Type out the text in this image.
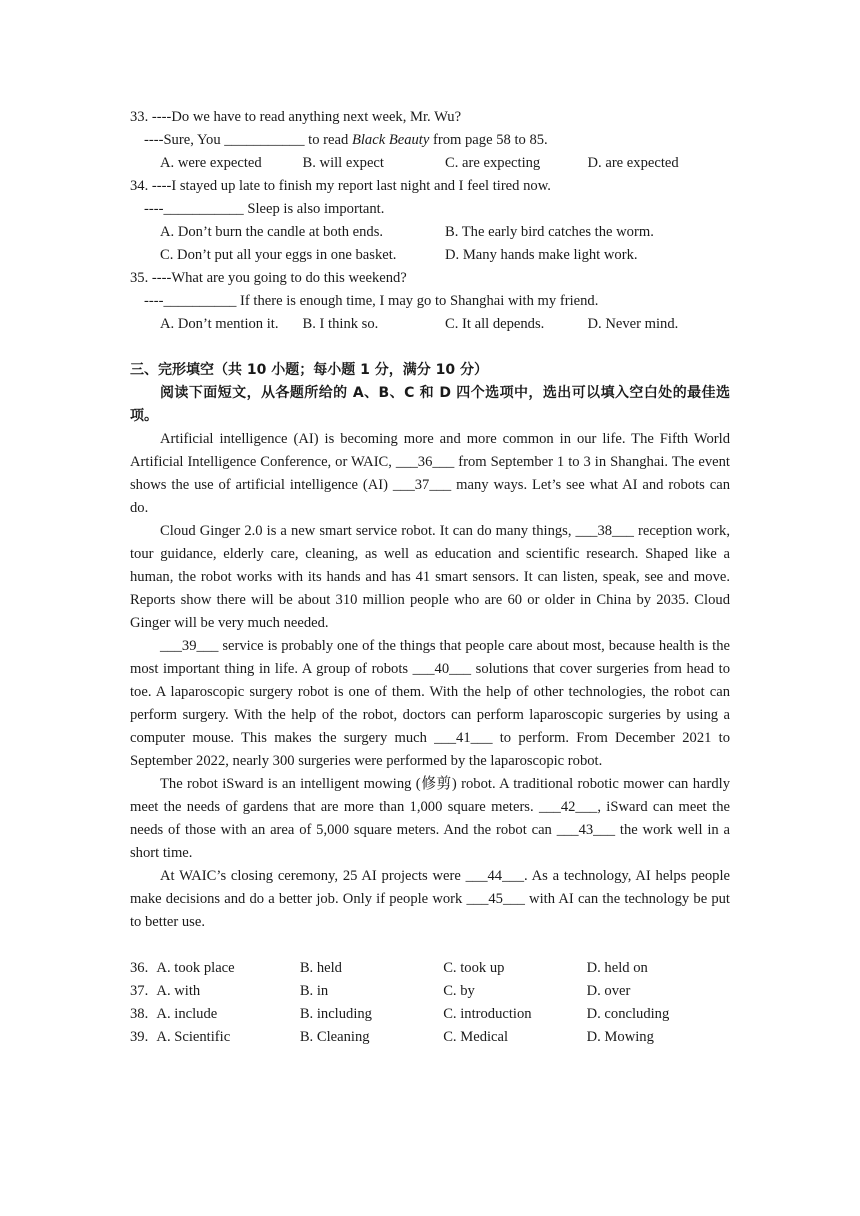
33. ----Do we have to read anything next week, Mr. Wu?
----Sure, You ___________ to read Black Beauty from page 58 to 85.
A. were expected	B. will expect	C. are expecting	D. are expected
34. ----I stayed up late to finish my report last night and I feel tired now.
----___________ Sleep is also important.
A. Don’t burn the candle at both ends.	B. The early bird catches the worm.
C. Don’t put all your eggs in one basket.	D. Many hands make light work.
35. ----What are you going to do this weekend?
----__________ If there is enough time, I may go to Shanghai with my friend.
A. Don’t mention it.	B. I think so.	C. It all depends.	D. Never mind.
三、完形填空（共 10 小题；每小题 1 分，满分 10 分）
阅读下面短文，从各题所给的 A、B、C 和 D 四个选项中，选出可以填入空白处的最佳选项。

Artificial intelligence (AI) is becoming more and more common in our life. The Fifth World Artificial Intelligence Conference, or WAIC, ___36___ from September 1 to 3 in Shanghai. The event shows the use of artificial intelligence (AI) ___37___ many ways. Let’s see what AI and robots can do.

Cloud Ginger 2.0 is a new smart service robot. It can do many things, ___38___ reception work, tour guidance, elderly care, cleaning, as well as education and scientific research. Shaped like a human, the robot works with its hands and has 41 smart sensors. It can listen, speak, see and move. Reports show there will be about 310 million people who are 60 or older in China by 2035. Cloud Ginger will be very much needed.

___39___ service is probably one of the things that people care about most, because health is the most important thing in life. A group of robots ___40___ solutions that cover surgeries from head to toe. A laparoscopic surgery robot is one of them. With the help of other technologies, the robot can perform surgery. With the help of the robot, doctors can perform laparoscopic surgeries by using a computer mouse. This makes the surgery much ___41___ to perform. From December 2021 to September 2022, nearly 300 surgeries were performed by the laparoscopic robot.

The robot iSward is an intelligent mowing (修剪) robot. A traditional robotic mower can hardly meet the needs of gardens that are more than 1,000 square meters. ___42___, iSward can meet the needs of those with an area of 5,000 square meters. And the robot can ___43___ the work well in a short time.

At WAIC’s closing ceremony, 25 AI projects were ___44___. As a technology, AI helps people make decisions and do a better job. Only if people work ___45___ with AI can the technology be put to better use.

36. A. took place	B. held	C. took up	D. held on
37. A. with	B. in	C. by	D. over
38. A. include	B. including	C. introduction	D. concluding
39. A. Scientific	B. Cleaning	C. Medical	D. Mowing
